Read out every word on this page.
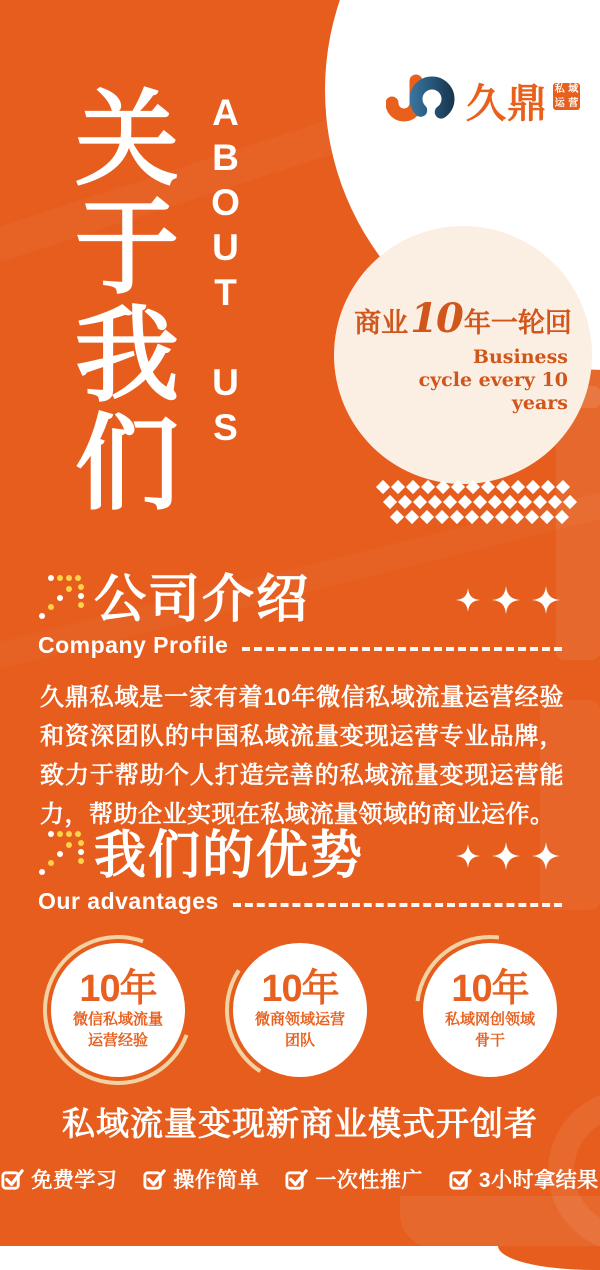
久鼎 私 域
运 营
商业10年一轮回
Business
cycle every 10 years
关于我们 ABOUT US
公司介绍
Company Profile
久鼎私域是一家有着10年微信私域流量运营经验和资深团队的中国私域流量变现运营专业品牌，致力于帮助个人打造完善的私域流量变现运营能力，帮助企业实现在私域流量领域的商业运作。
我们的优势
Our advantages
10年
微信私域流量
运营经验
10年
微商领域运营
团队
10年
私域网创领域
骨干
私域流量变现新商业模式开创者
免费学习	操作简单	一次性推广	3小时拿结果
